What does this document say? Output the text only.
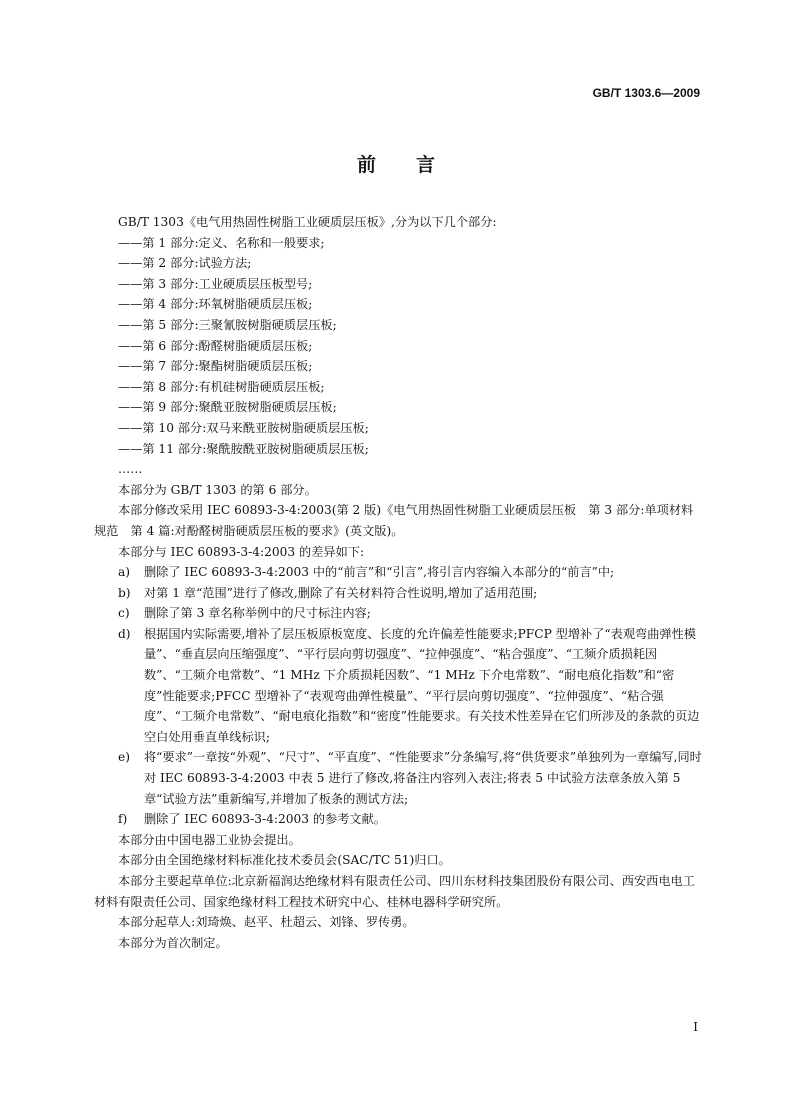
GB/T 1303.6—2009
前言

GB/T 1303《电气用热固性树脂工业硬质层压板》,分为以下几个部分:

——第 1 部分:定义、名称和一般要求;

——第 2 部分:试验方法;

——第 3 部分:工业硬质层压板型号;

——第 4 部分:环氧树脂硬质层压板;

——第 5 部分:三聚氰胺树脂硬质层压板;

——第 6 部分:酚醛树脂硬质层压板;

——第 7 部分:聚酯树脂硬质层压板;

——第 8 部分:有机硅树脂硬质层压板;

——第 9 部分:聚酰亚胺树脂硬质层压板;

——第 10 部分:双马来酰亚胺树脂硬质层压板;

——第 11 部分:聚酰胺酰亚胺树脂硬质层压板;

……

本部分为 GB/T 1303 的第 6 部分。

本部分修改采用 IEC 60893-3-4:2003(第 2 版)《电气用热固性树脂工业硬质层压板　第 3 部分:单项材料规范　第 4 篇:对酚醛树脂硬质层压板的要求》(英文版)。

本部分与 IEC 60893-3-4:2003 的差异如下:

a)	删除了 IEC 60893-3-4:2003 中的“前言”和“引言”,将引言内容编入本部分的“前言”中;
b)	对第 1 章“范围”进行了修改,删除了有关材料符合性说明,增加了适用范围;
c)	删除了第 3 章名称举例中的尺寸标注内容;
d)	根据国内实际需要,增补了层压板原板宽度、长度的允许偏差性能要求;PFCP 型增补了“表观弯曲弹性模量”、“垂直层向压缩强度”、“平行层向剪切强度”、“拉伸强度”、“粘合强度”、“工频介质损耗因数”、“工频介电常数”、“1 MHz 下介质损耗因数”、“1 MHz 下介电常数”、“耐电痕化指数”和“密度”性能要求;PFCC 型增补了“表观弯曲弹性模量”、“平行层向剪切强度”、“拉伸强度”、“粘合强度”、“工频介电常数”、“耐电痕化指数”和“密度”性能要求。有关技术性差异在它们所涉及的条款的页边空白处用垂直单线标识;
e)	将“要求”一章按“外观”、“尺寸”、“平直度”、“性能要求”分条编写,将“供货要求”单独列为一章编写,同时对 IEC 60893-3-4:2003 中表 5 进行了修改,将备注内容列入表注;将表 5 中试验方法章条放入第 5 章“试验方法”重新编写,并增加了板条的测试方法;
f)	删除了 IEC 60893-3-4:2003 的参考文献。

本部分由中国电器工业协会提出。

本部分由全国绝缘材料标准化技术委员会(SAC/TC 51)归口。

本部分主要起草单位:北京新福润达绝缘材料有限责任公司、四川东材科技集团股份有限公司、西安西电电工材料有限责任公司、国家绝缘材料工程技术研究中心、桂林电器科学研究所。

本部分起草人:刘琦焕、赵平、杜超云、刘锋、罗传勇。

本部分为首次制定。

I
